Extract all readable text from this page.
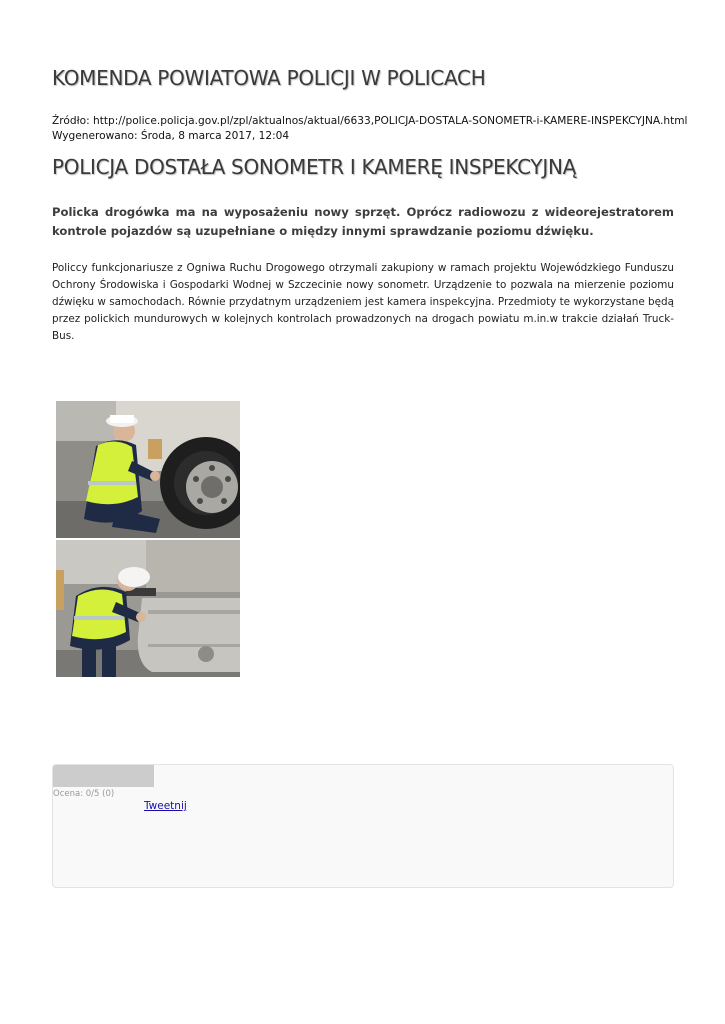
KOMENDA POWIATOWA POLICJI W POLICACH
Źródło: http://police.policja.gov.pl/zpl/aktualnos/aktual/6633,POLICJA-DOSTALA-SONOMETR-i-KAMERE-INSPEKCYJNA.html
Wygenerowano: Środa, 8 marca 2017, 12:04
POLICJA DOSTAŁA SONOMETR I KAMERĘ INSPEKCYJNĄ

Policka drogówka ma na wyposażeniu nowy sprzęt. Oprócz radiowozu z wideorejestratorem kontrole pojazdów są uzupełniane o między innymi sprawdzanie poziomu dźwięku.

Policcy funkcjonariusze z Ogniwa Ruchu Drogowego otrzymali zakupiony w ramach projektu Wojewódzkiego Funduszu Ochrony Środowiska i Gospodarki Wodnej w Szczecinie nowy sonometr. Urządzenie to pozwala na mierzenie poziomu dźwięku w samochodach. Równie przydatnym urządzeniem jest kamera inspekcyjna. Przedmioty te wykorzystane będą przez polickich mundurowych w kolejnych kontrolach prowadzonych na drogach powiatu m.in.w trakcie działań Truck-Bus.

Ocena: 0/5 (0)
Tweetnij
